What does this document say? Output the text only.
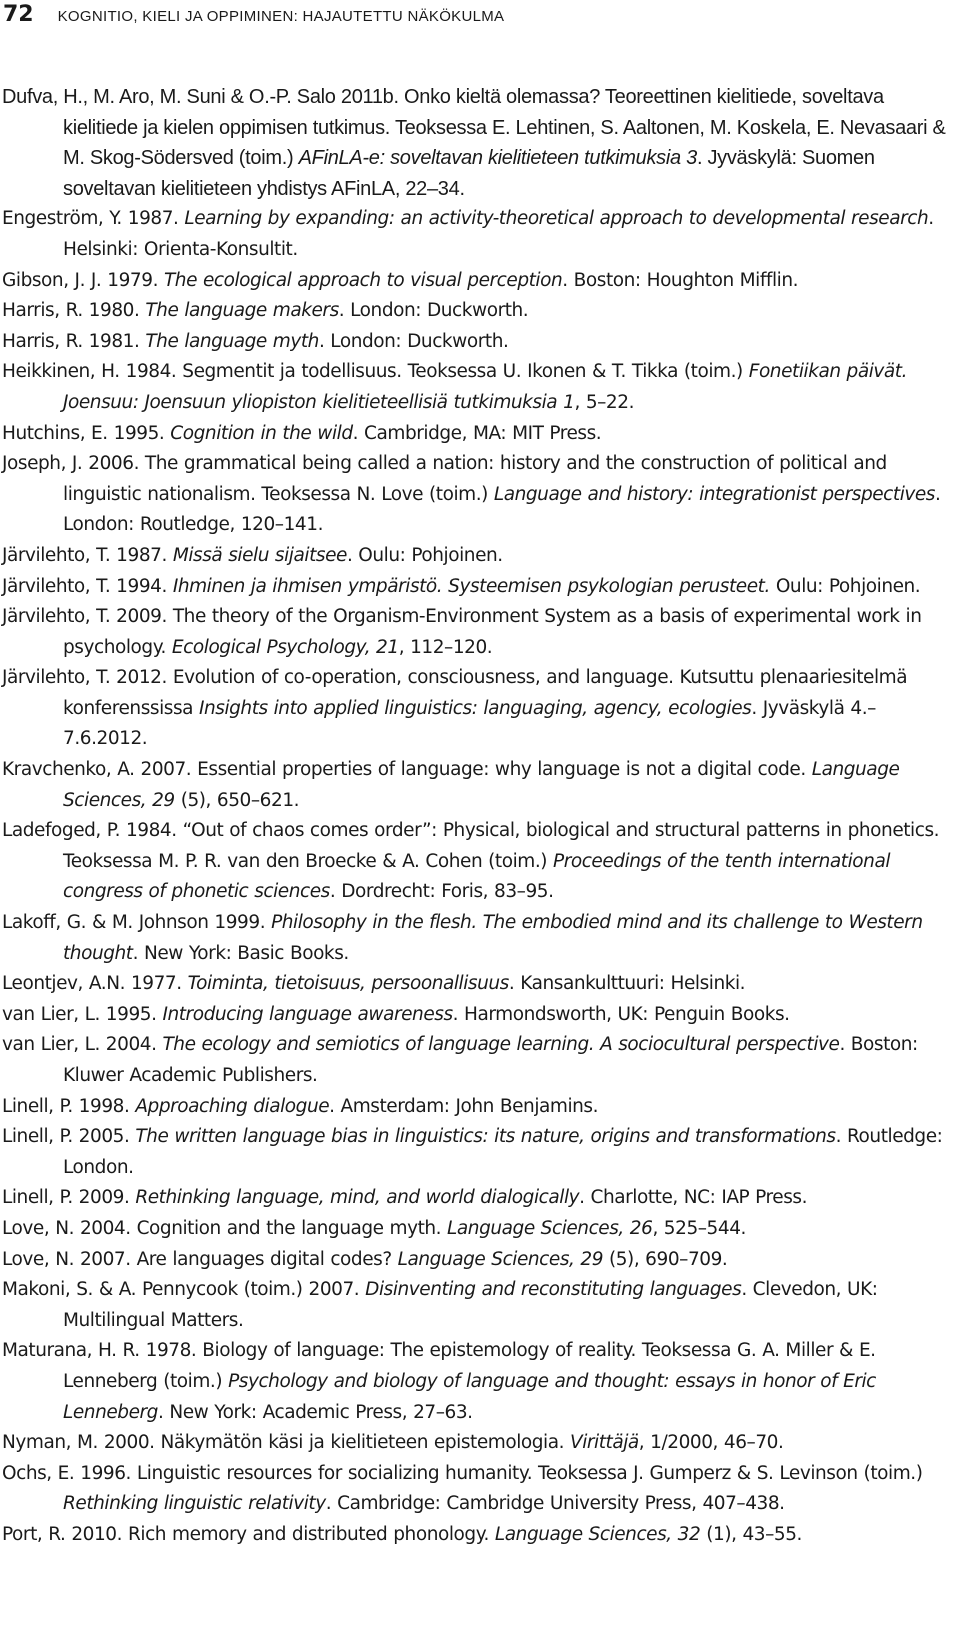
72 KOGNITIO, KIELI JA OPPIMINEN: HAJAUTETTU NÄKÖKULMA
Dufva, H., M. Aro, M. Suni & O.-P. Salo 2011b. Onko kieltä olemassa? Teoreettinen kielitiede, soveltava kielitiede ja kielen oppimisen tutkimus. Teoksessa E. Lehtinen, S. Aaltonen, M. Koskela, E. Nevasaari & M. Skog-Södersved (toim.) AFinLA-e: soveltavan kielitieteen tutkimuksia 3. Jyväskylä: Suomen soveltavan kielitieteen yhdistys AFinLA, 22–34.
Engeström, Y. 1987. Learning by expanding: an activity-theoretical approach to developmental research. Helsinki: Orienta-Konsultit.
Gibson, J. J. 1979. The ecological approach to visual perception. Boston: Houghton Mifflin.
Harris, R. 1980. The language makers. London: Duckworth.
Harris, R. 1981. The language myth. London: Duckworth.
Heikkinen, H. 1984. Segmentit ja todellisuus. Teoksessa U. Ikonen & T. Tikka (toim.) Fonetiikan päivät. Joensuu: Joensuun yliopiston kielitieteellisiä tutkimuksia 1, 5–22.
Hutchins, E. 1995. Cognition in the wild. Cambridge, MA: MIT Press.
Joseph, J. 2006. The grammatical being called a nation: history and the construction of political and linguistic nationalism. Teoksessa N. Love (toim.) Language and history: integrationist perspectives. London: Routledge, 120–141.
Järvilehto, T. 1987. Missä sielu sijaitsee. Oulu: Pohjoinen.
Järvilehto, T. 1994. Ihminen ja ihmisen ympäristö. Systeemisen psykologian perusteet. Oulu: Pohjoinen.
Järvilehto, T. 2009. The theory of the Organism-Environment System as a basis of experimental work in psychology. Ecological Psychology, 21, 112–120.
Järvilehto, T. 2012. Evolution of co-operation, consciousness, and language. Kutsuttu plenaariesitelmä konferenssissa Insights into applied linguistics: languaging, agency, ecologies. Jyväskylä 4.–7.6.2012.
Kravchenko, A. 2007. Essential properties of language: why language is not a digital code. Language Sciences, 29 (5), 650–621.
Ladefoged, P. 1984. “Out of chaos comes order”: Physical, biological and structural patterns in phonetics. Teoksessa M. P. R. van den Broecke & A. Cohen (toim.) Proceedings of the tenth international congress of phonetic sciences. Dordrecht: Foris, 83–95.
Lakoff, G. & M. Johnson 1999. Philosophy in the flesh. The embodied mind and its challenge to Western thought. New York: Basic Books.
Leontjev, A.N. 1977. Toiminta, tietoisuus, persoonallisuus. Kansankulttuuri: Helsinki.
van Lier, L. 1995. Introducing language awareness. Harmondsworth, UK: Penguin Books.
van Lier, L. 2004. The ecology and semiotics of language learning. A sociocultural perspective. Boston: Kluwer Academic Publishers.
Linell, P. 1998. Approaching dialogue. Amsterdam: John Benjamins.
Linell, P. 2005. The written language bias in linguistics: its nature, origins and transformations. Routledge: London.
Linell, P. 2009. Rethinking language, mind, and world dialogically. Charlotte, NC: IAP Press.
Love, N. 2004. Cognition and the language myth. Language Sciences, 26, 525–544.
Love, N. 2007. Are languages digital codes? Language Sciences, 29 (5), 690–709.
Makoni, S. & A. Pennycook (toim.) 2007. Disinventing and reconstituting languages. Clevedon, UK: Multilingual Matters.
Maturana, H. R. 1978. Biology of language: The epistemology of reality. Teoksessa G. A. Miller & E. Lenneberg (toim.) Psychology and biology of language and thought: essays in honor of Eric Lenneberg. New York: Academic Press, 27–63.
Nyman, M. 2000. Näkymätön käsi ja kielitieteen epistemologia. Virittäjä, 1/2000, 46–70.
Ochs, E. 1996. Linguistic resources for socializing humanity. Teoksessa J. Gumperz & S. Levinson (toim.) Rethinking linguistic relativity. Cambridge: Cambridge University Press, 407–438.
Port, R. 2010. Rich memory and distributed phonology. Language Sciences, 32 (1), 43–55.
